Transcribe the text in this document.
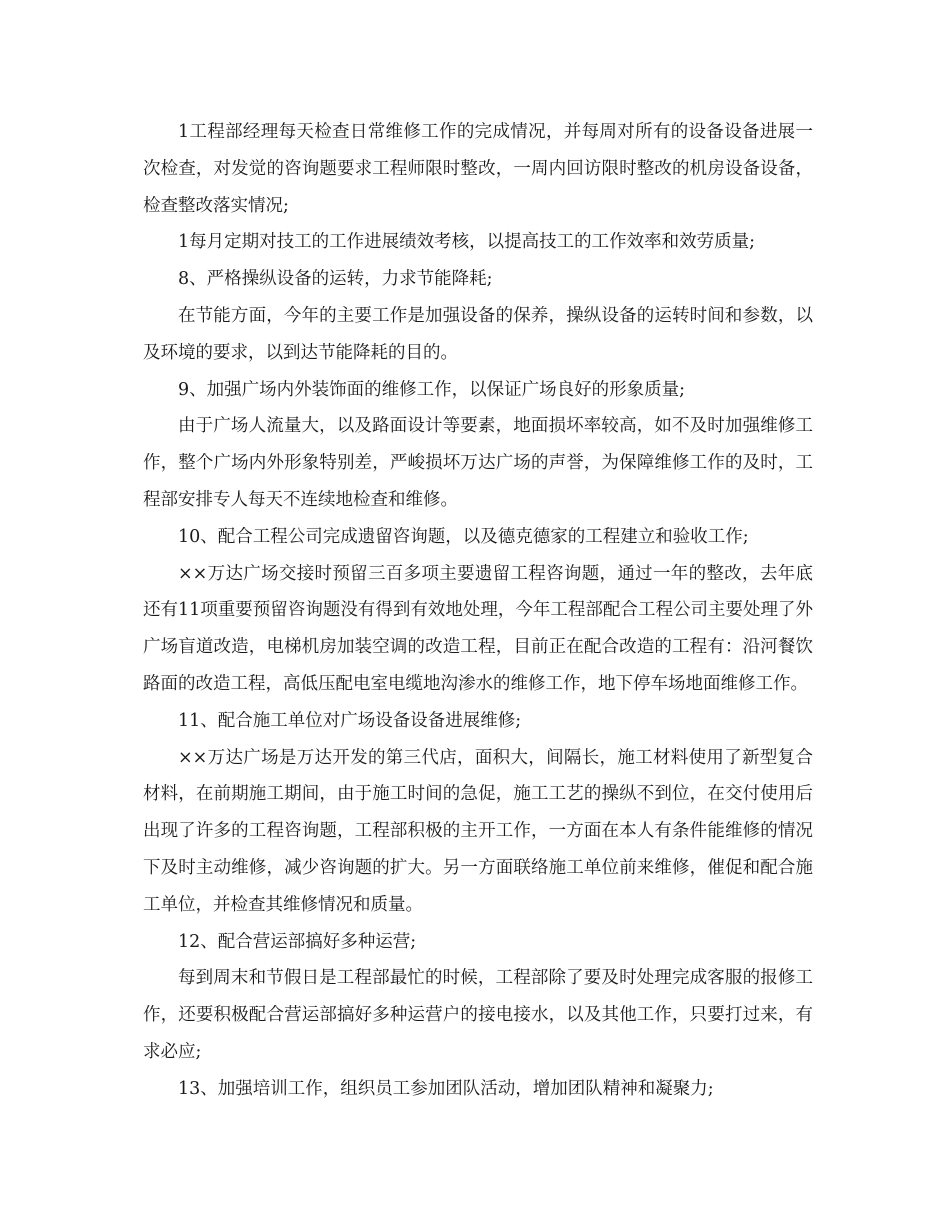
1工程部经理每天检查日常维修工作的完成情况，并每周对所有的设备设备进展一次检查，对发觉的咨询题要求工程师限时整改，一周内回访限时整改的机房设备设备，检查整改落实情况;

1每月定期对技工的工作进展绩效考核，以提高技工的工作效率和效劳质量;

8、严格操纵设备的运转，力求节能降耗;

在节能方面，今年的主要工作是加强设备的保养，操纵设备的运转时间和参数，以及环境的要求，以到达节能降耗的目的。

9、加强广场内外装饰面的维修工作，以保证广场良好的形象质量;

由于广场人流量大，以及路面设计等要素，地面损坏率较高，如不及时加强维修工作，整个广场内外形象特别差，严峻损坏万达广场的声誉，为保障维修工作的及时，工程部安排专人每天不连续地检查和维修。

10、配合工程公司完成遗留咨询题，以及德克德家的工程建立和验收工作;

××万达广场交接时预留三百多项主要遗留工程咨询题，通过一年的整改，去年底还有11项重要预留咨询题没有得到有效地处理，今年工程部配合工程公司主要处理了外广场盲道改造，电梯机房加装空调的改造工程，目前正在配合改造的工程有：沿河餐饮路面的改造工程，高低压配电室电缆地沟渗水的维修工作，地下停车场地面维修工作。

11、配合施工单位对广场设备设备进展维修;

××万达广场是万达开发的第三代店，面积大，间隔长，施工材料使用了新型复合材料，在前期施工期间，由于施工时间的急促，施工工艺的操纵不到位，在交付使用后出现了许多的工程咨询题，工程部积极的主开工作，一方面在本人有条件能维修的情况下及时主动维修，减少咨询题的扩大。另一方面联络施工单位前来维修，催促和配合施工单位，并检查其维修情况和质量。

12、配合营运部搞好多种运营;

每到周末和节假日是工程部最忙的时候，工程部除了要及时处理完成客服的报修工作，还要积极配合营运部搞好多种运营户的接电接水，以及其他工作，只要打过来，有求必应;

13、加强培训工作，组织员工参加团队活动，增加团队精神和凝聚力;
